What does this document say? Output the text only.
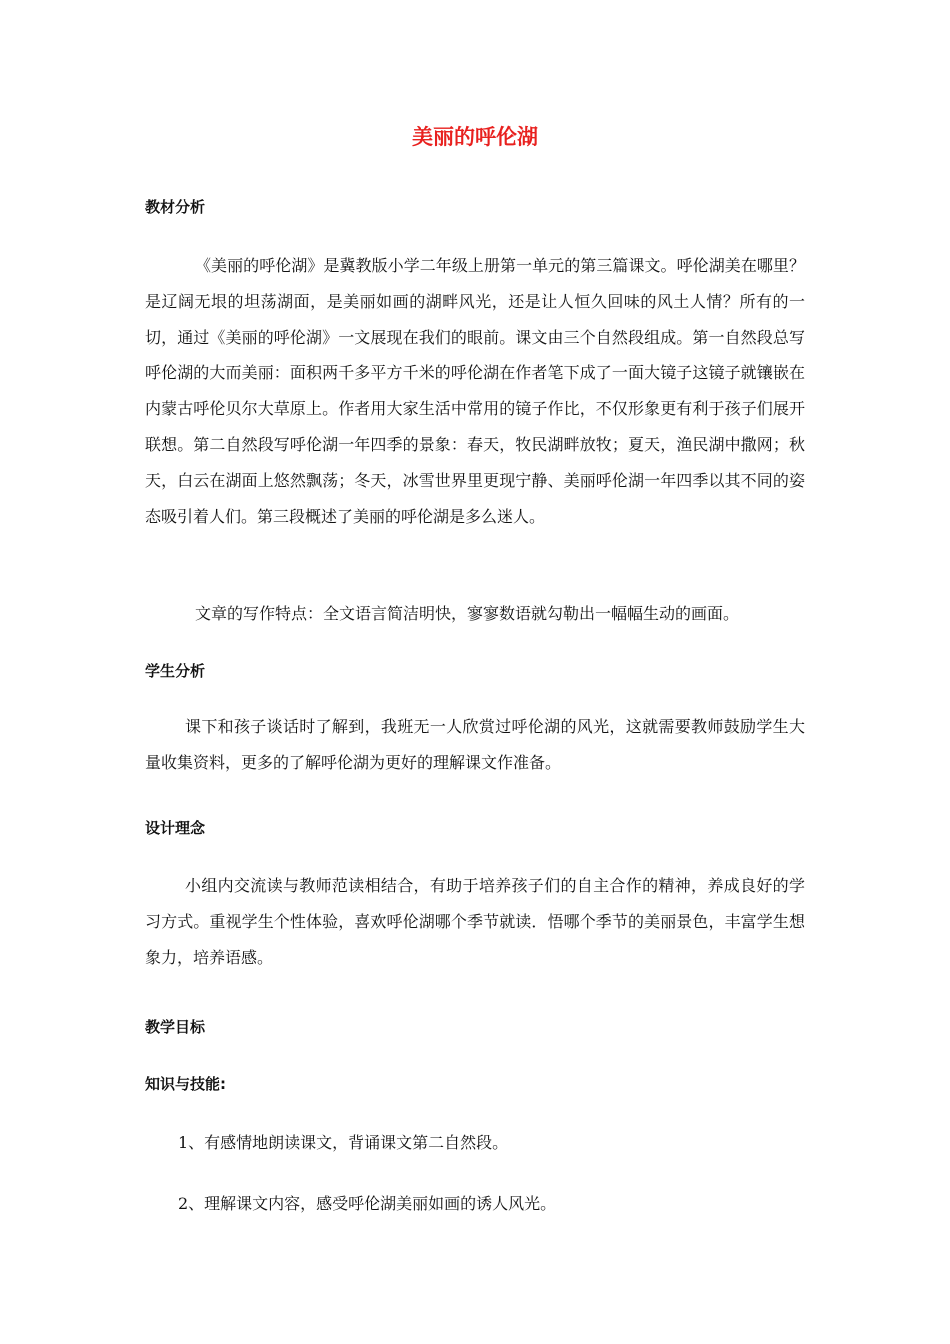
美丽的呼伦湖
教材分析

《美丽的呼伦湖》是冀教版小学二年级上册第一单元的第三篇课文。呼伦湖美在哪里？是辽阔无垠的坦荡湖面，是美丽如画的湖畔风光，还是让人恒久回味的风土人情？所有的一切，通过《美丽的呼伦湖》一文展现在我们的眼前。课文由三个自然段组成。第一自然段总写呼伦湖的大而美丽：面积两千多平方千米的呼伦湖在作者笔下成了一面大镜子这镜子就镶嵌在内蒙古呼伦贝尔大草原上。作者用大家生活中常用的镜子作比，不仅形象更有利于孩子们展开联想。第二自然段写呼伦湖一年四季的景象：春天，牧民湖畔放牧；夏天，渔民湖中撒网；秋天，白云在湖面上悠然飘荡；冬天，冰雪世界里更现宁静、美丽呼伦湖一年四季以其不同的姿态吸引着人们。第三段概述了美丽的呼伦湖是多么迷人。

文章的写作特点：全文语言简洁明快，寥寥数语就勾勒出一幅幅生动的画面。

学生分析

课下和孩子谈话时了解到，我班无一人欣赏过呼伦湖的风光，这就需要教师鼓励学生大量收集资料，更多的了解呼伦湖为更好的理解课文作准备。

设计理念

小组内交流读与教师范读相结合，有助于培养孩子们的自主合作的精神，养成良好的学习方式。重视学生个性体验，喜欢呼伦湖哪个季节就读．悟哪个季节的美丽景色，丰富学生想象力，培养语感。

教学目标
知识与技能:

1、有感情地朗读课文，背诵课文第二自然段。

2、理解课文内容，感受呼伦湖美丽如画的诱人风光。
